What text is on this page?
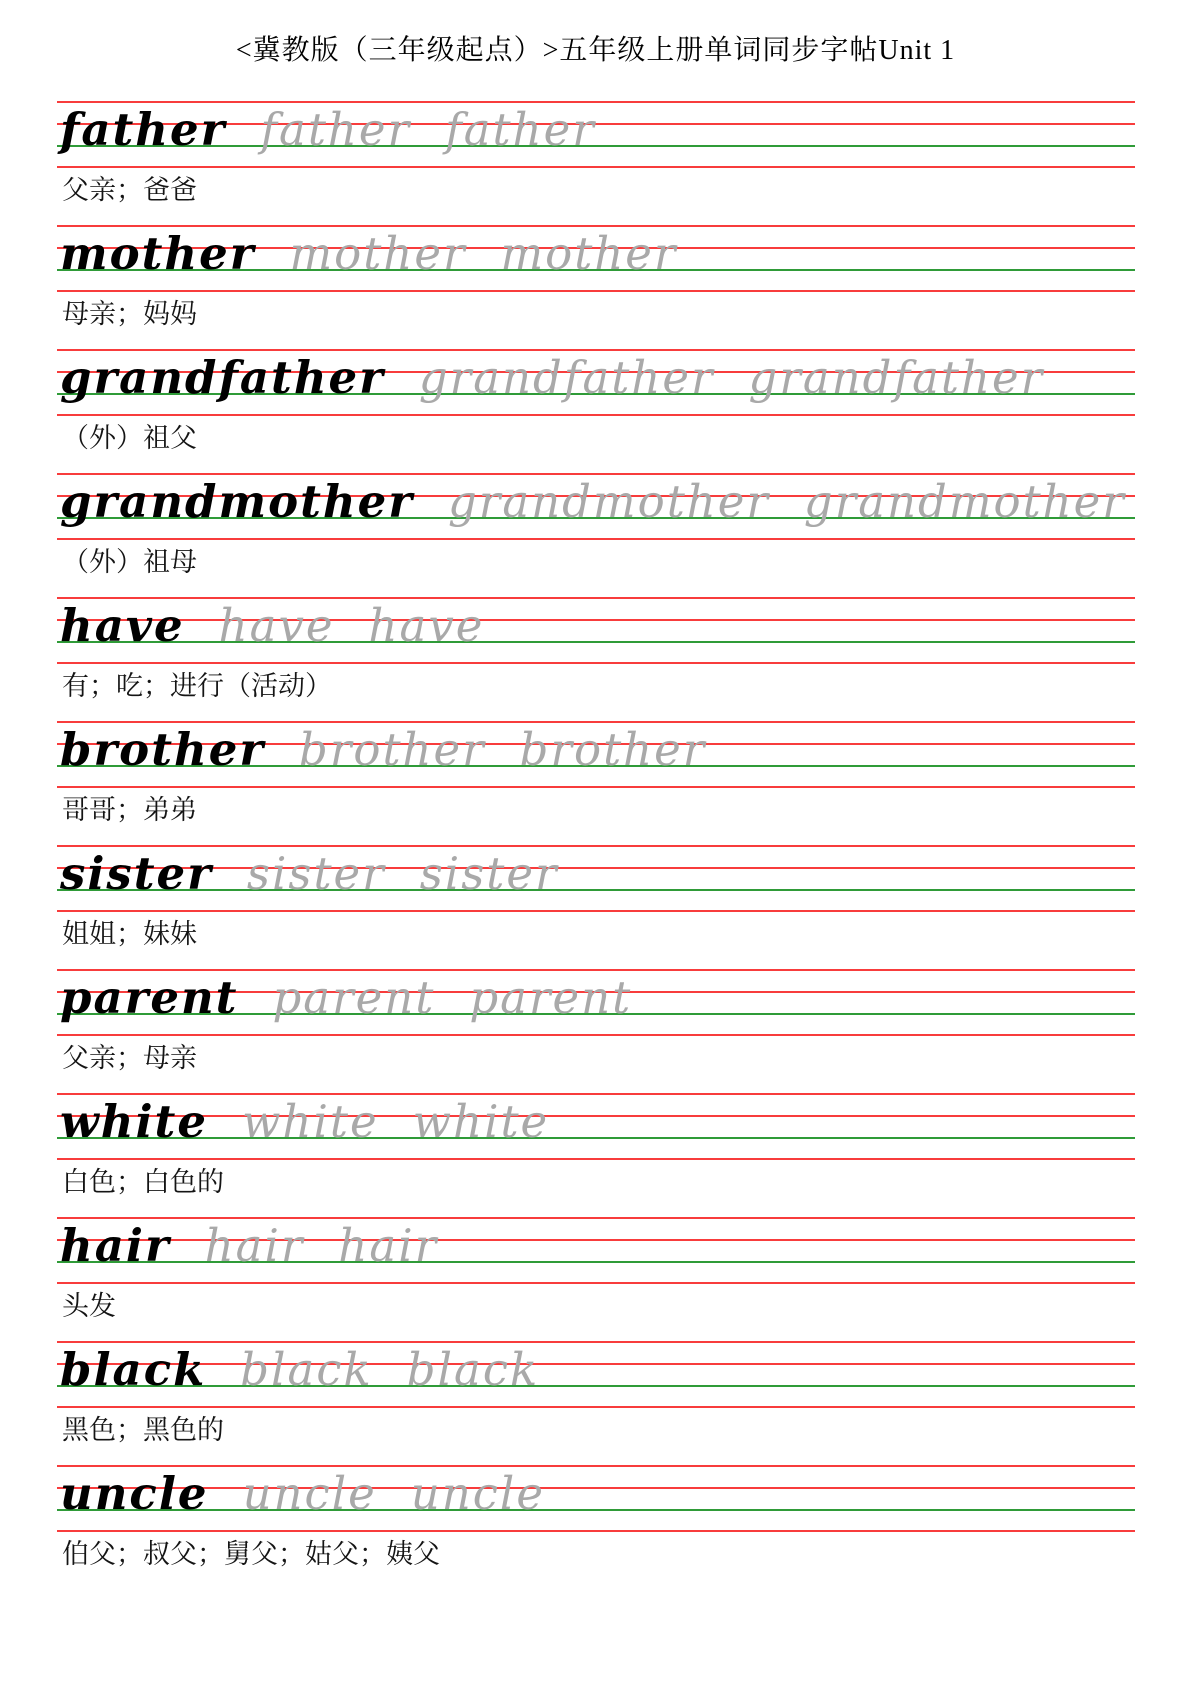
<冀教版（三年级起点）>五年级上册单词同步字帖Unit 1
father father father
父亲；爸爸
mother mother mother
母亲；妈妈
grandfather grandfather grandfather
（外）祖父
grandmother grandmother grandmother
（外）祖母
have have have
有；吃；进行（活动）
brother brother brother
哥哥；弟弟
sister sister sister
姐姐；妹妹
parent parent parent
父亲；母亲
white white white
白色；白色的
hair hair hair
头发
black black black
黑色；黑色的
uncle uncle uncle
伯父；叔父；舅父；姑父；姨父
